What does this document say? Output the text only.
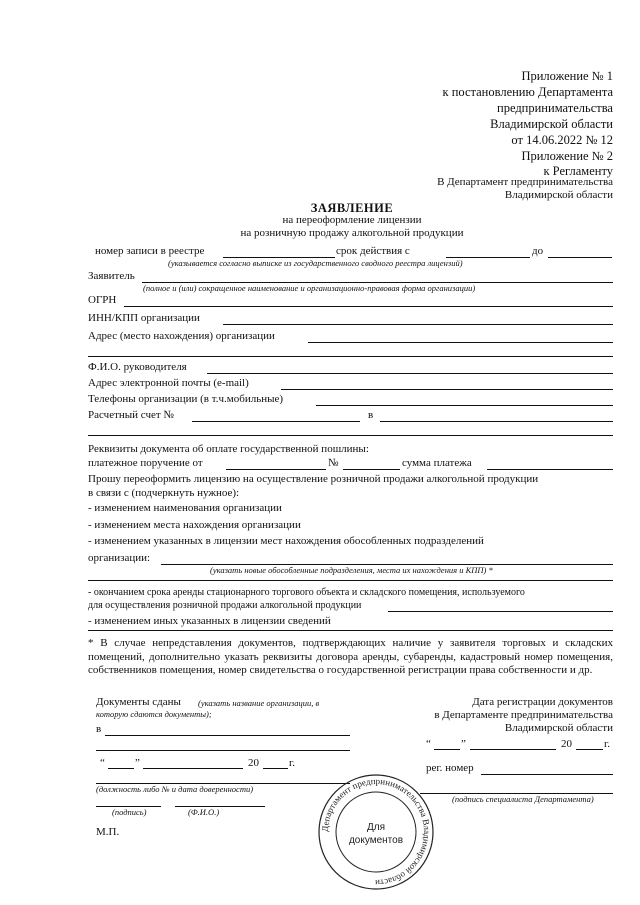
Приложение № 1
к постановлению Департамента
предпринимательства
Владимирской области
от 14.06.2022 № 12
Приложение № 2
к Регламенту
В Департамент предпринимательства
Владимирской области
ЗАЯВЛЕНИЕ
на переоформление лицензии
на розничную продажу алкогольной продукции
номер записи в реестре	срок действия с	до
(указывается согласно выписке из государственного сводного реестра лицензий)
Заявитель
(полное и (или) сокращенное наименование и организационно-правовая форма организации)
ОГРН
ИНН/КПП организации
Адрес (место нахождения) организации
Ф.И.О. руководителя
Адрес электронной почты (e-mail)
Телефоны организации (в т.ч.мобильные)
Расчетный счет №	в
Реквизиты документа об оплате государственной пошлины:
платежное поручение от	№	сумма платежа
Прошу переоформить лицензию на осуществление розничной продажи алкогольной продукции
в связи с (подчеркнуть нужное):
- изменением наименования организации
- изменением места нахождения организации
- изменением указанных в лицензии мест нахождения обособленных подразделений
организации:
(указать новые обособленные подразделения, места их нахождения и КПП) *
- окончанием срока аренды стационарного торгового объекта и складского помещения, используемого
для осуществления розничной продажи алкогольной продукции
- изменением иных указанных в лицензии сведений
* В случае непредставления документов, подтверждающих наличие у заявителя торговых и складских помещений, дополнительно указать реквизиты договора аренды, субаренды, кадастровый номер помещения, собственников помещения, номер свидетельства о государственной регистрации права собственности и др.
Документы сданы (указать название организации, в
которую сдаются документы);
в
“	”	20	г.
(должность либо № и дата доверенности)
(подпись)	(Ф.И.О.)
М.П.
Дата регистрации документов
в Департаменте предпринимательства
Владимирской области
“	”	20	г.
рег. номер
(подпись специалиста Департамента)
Департамент предпринимательства Владимирской области
Для
документов
